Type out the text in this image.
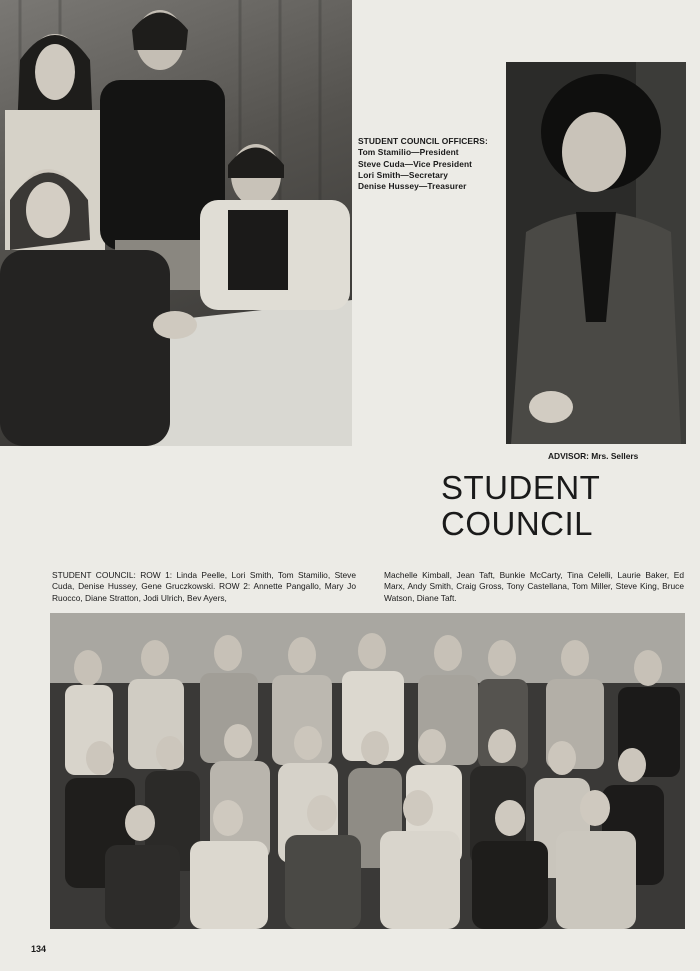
STUDENT COUNCIL OFFICERS:
Tom Stamilio—President
Steve Cuda—Vice President
Lori Smith—Secretary
Denise Hussey—Treasurer
ADVISOR: Mrs. Sellers
STUDENT
COUNCIL
STUDENT COUNCIL: ROW 1: Linda Peelle, Lori Smith, Tom Stamilio, Steve Cuda, Denise Hussey, Gene Gruczkowski. ROW 2: Annette Pangallo, Mary Jo Ruocco, Diane Stratton, Jodi Ulrich, Bev Ayers,
Machelle Kimball, Jean Taft, Bunkie McCarty, Tina Celelli, Laurie Baker, Ed Marx, Andy Smith, Craig Gross, Tony Castellana, Tom Miller, Steve King, Bruce Watson, Diane Taft.
134
